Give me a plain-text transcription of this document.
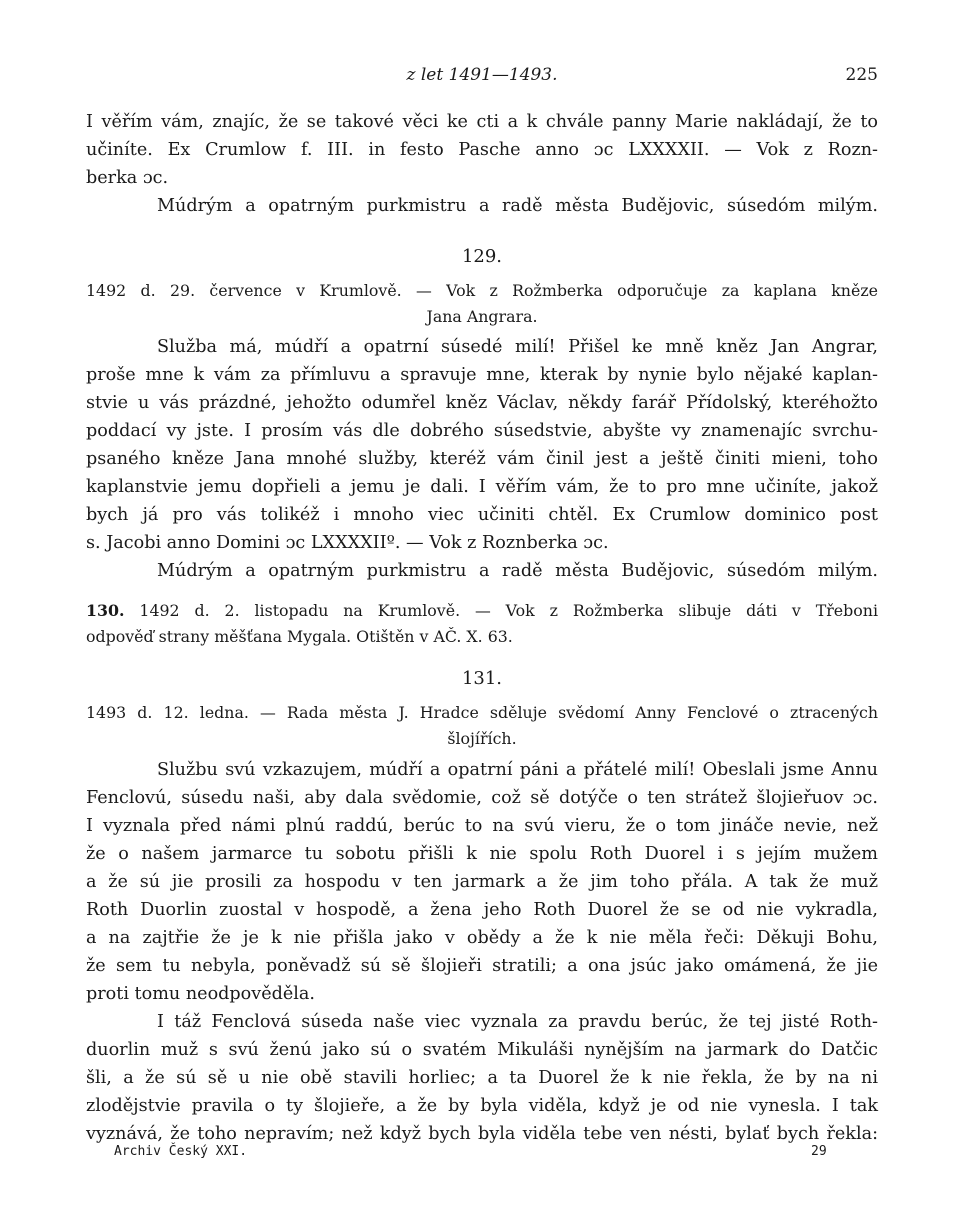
z let 1491—1493.	225
I věřím vám, znajíc, že se takové věci ke cti a k chvále panny Marie nakládají, že to
učiníte. Ex Crumlow f. III. in festo Pasche anno ɔc LXXXXII. — Vok z Rozn-
berka ɔc.
Múdrým a opatrným purkmistru a radě města Budějovic, súsedóm milým.
129.
1492 d. 29. července v Krumlově. — Vok z Rožmberka odporučuje za kaplana kněze
Jana Angrara.
Služba má, múdří a opatrní súsedé milí! Přišel ke mně kněz Jan Angrar,
proše mne k vám za přímluvu a spravuje mne, kterak by nynie bylo nějaké kaplan-
stvie u vás prázdné, jehožto odumřel kněz Václav, někdy farář Přídolský, kteréhožto
poddací vy jste. I prosím vás dle dobrého súsedstvie, abyšte vy znamenajíc svrchu-
psaného kněze Jana mnohé služby, kteréž vám činil jest a ještě činiti mieni, toho
kaplanstvie jemu dopřieli a jemu je dali. I věřím vám, že to pro mne učiníte, jakož
bych já pro vás tolikéž i mnoho viec učiniti chtěl. Ex Crumlow dominico post
s. Jacobi anno Domini ɔc LXXXXIIº. — Vok z Roznberka ɔc.
Múdrým a opatrným purkmistru a radě města Budějovic, súsedóm milým.
130. 1492 d. 2. listopadu na Krumlově. — Vok z Rožmberka slibuje dáti v Třeboni
odpověď strany měšťana Mygala. Otištěn v AČ. X. 63.
131.
1493 d. 12. ledna. — Rada města J. Hradce sděluje svědomí Anny Fenclové o ztracených
šlojířích.
Službu svú vzkazujem, múdří a opatrní páni a přátelé milí! Obeslali jsme Annu
Fenclovú, súsedu naši, aby dala svědomie, což sě dotýče o ten strátež šlojieřuov ɔc.
I vyznala před námi plnú raddú, berúc to na svú vieru, že o tom jináče nevie, než
že o našem jarmarce tu sobotu přišli k nie spolu Roth Duorel i s jejím mužem
a že sú jie prosili za hospodu v ten jarmark a že jim toho přála. A tak že muž
Roth Duorlin zuostal v hospodě, a žena jeho Roth Duorel že se od nie vykradla,
a na zajtřie že je k nie přišla jako v obědy a že k nie měla řeči: Děkuji Bohu,
že sem tu nebyla, poněvadž sú sě šlojieři stratili; a ona jsúc jako omámená, že jie
proti tomu neodpověděla.
I táž Fenclová súseda naše viec vyznala za pravdu berúc, že tej jisté Roth-
duorlin muž s svú ženú jako sú o svatém Mikuláši nynějším na jarmark do Datčic
šli, a že sú sě u nie obě stavili horliec; a ta Duorel že k nie řekla, že by na ni
zlodějstvie pravila o ty šlojieře, a že by byla viděla, když je od nie vynesla. I tak
vyznává, že toho nepravím; než když bych byla viděla tebe ven nésti, bylať bych řekla:
Archiv Český XXI.	29
